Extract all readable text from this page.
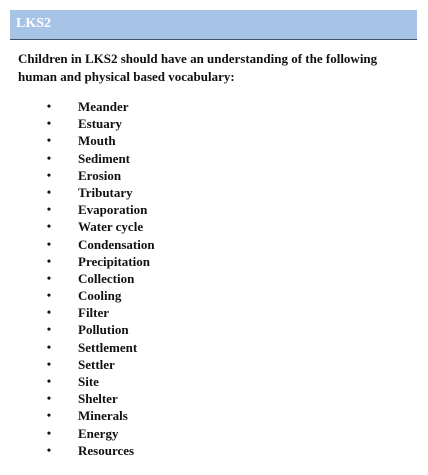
LKS2

Children in LKS2 should have an understanding of the following human and physical based vocabulary:

• Meander
• Estuary
• Mouth
• Sediment
• Erosion
• Tributary
• Evaporation
• Water cycle
• Condensation
• Precipitation
• Collection
• Cooling
• Filter
• Pollution
• Settlement
• Settler
• Site
• Shelter
• Minerals
• Energy
• Resources
